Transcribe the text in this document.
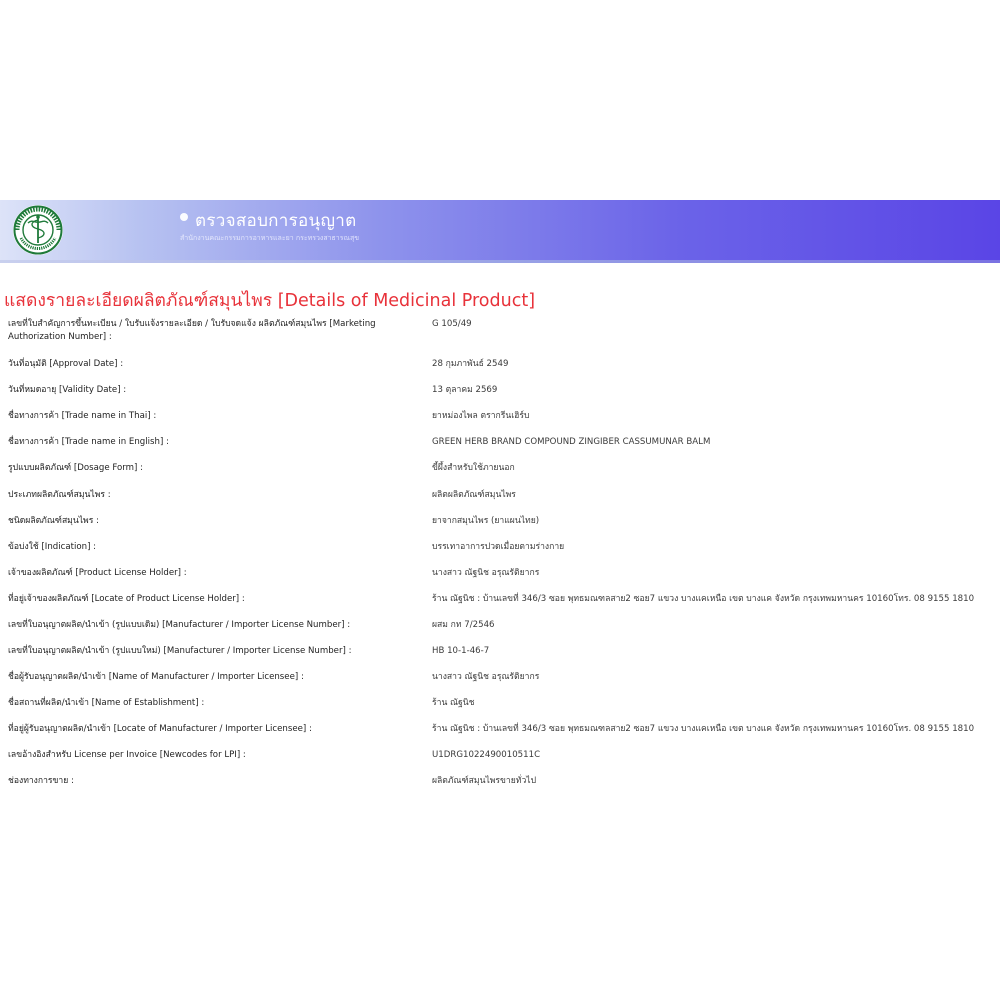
ตรวจสอบการอนุญาต
สำนักงานคณะกรรมการอาหารและยา กระทรวงสาธารณสุข
แสดงรายละเอียดผลิตภัณฑ์สมุนไพร [Details of Medicinal Product]
เลขที่ใบสำคัญการขึ้นทะเบียน / ใบรับแจ้งรายละเอียด / ใบรับจดแจ้ง ผลิตภัณฑ์สมุนไพร [Marketing Authorization Number] :
G 105/49
วันที่อนุมัติ [Approval Date] :	28 กุมภาพันธ์ 2549
วันที่หมดอายุ [Validity Date] :	13 ตุลาคม 2569
ชื่อทางการค้า [Trade name in Thai] :	ยาหม่องไพล ตรากรีนเฮิร์บ
ชื่อทางการค้า [Trade name in English] :	GREEN HERB BRAND COMPOUND ZINGIBER CASSUMUNAR BALM
รูปแบบผลิตภัณฑ์ [Dosage Form] :	ขี้ผึ้งสำหรับใช้ภายนอก
ประเภทผลิตภัณฑ์สมุนไพร :	ผลิตผลิตภัณฑ์สมุนไพร
ชนิดผลิตภัณฑ์สมุนไพร :	ยาจากสมุนไพร (ยาแผนไทย)
ข้อบ่งใช้ [Indication] :	บรรเทาอาการปวดเมื่อยตามร่างกาย
เจ้าของผลิตภัณฑ์ [Product License Holder] :	นางสาว ณัฐนิช อรุณรัติยากร
ที่อยู่เจ้าของผลิตภัณฑ์ [Locate of Product License Holder] :	ร้าน ณัฐนิช : บ้านเลขที่ 346/3 ซอย พุทธมณฑลสาย2 ซอย7 แขวง บางแคเหนือ เขต บางแค จังหวัด กรุงเทพมหานคร 10160โทร. 08 9155 1810
เลขที่ใบอนุญาตผลิต/นำเข้า (รูปแบบเดิม) [Manufacturer / Importer License Number] :	ผสม กท 7/2546
เลขที่ใบอนุญาตผลิต/นำเข้า (รูปแบบใหม่) [Manufacturer / Importer License Number] :	HB 10-1-46-7
ชื่อผู้รับอนุญาตผลิต/นำเข้า [Name of Manufacturer / Importer Licensee] :	นางสาว ณัฐนิช อรุณรัติยากร
ชื่อสถานที่ผลิต/นำเข้า [Name of Establishment] :	ร้าน ณัฐนิช
ที่อยู่ผู้รับอนุญาตผลิต/นำเข้า [Locate of Manufacturer / Importer Licensee] :	ร้าน ณัฐนิช : บ้านเลขที่ 346/3 ซอย พุทธมณฑลสาย2 ซอย7 แขวง บางแคเหนือ เขต บางแค จังหวัด กรุงเทพมหานคร 10160โทร. 08 9155 1810
เลขอ้างอิงสำหรับ License per Invoice [Newcodes for LPI] :	U1DRG1022490010511C
ช่องทางการขาย :	ผลิตภัณฑ์สมุนไพรขายทั่วไป
